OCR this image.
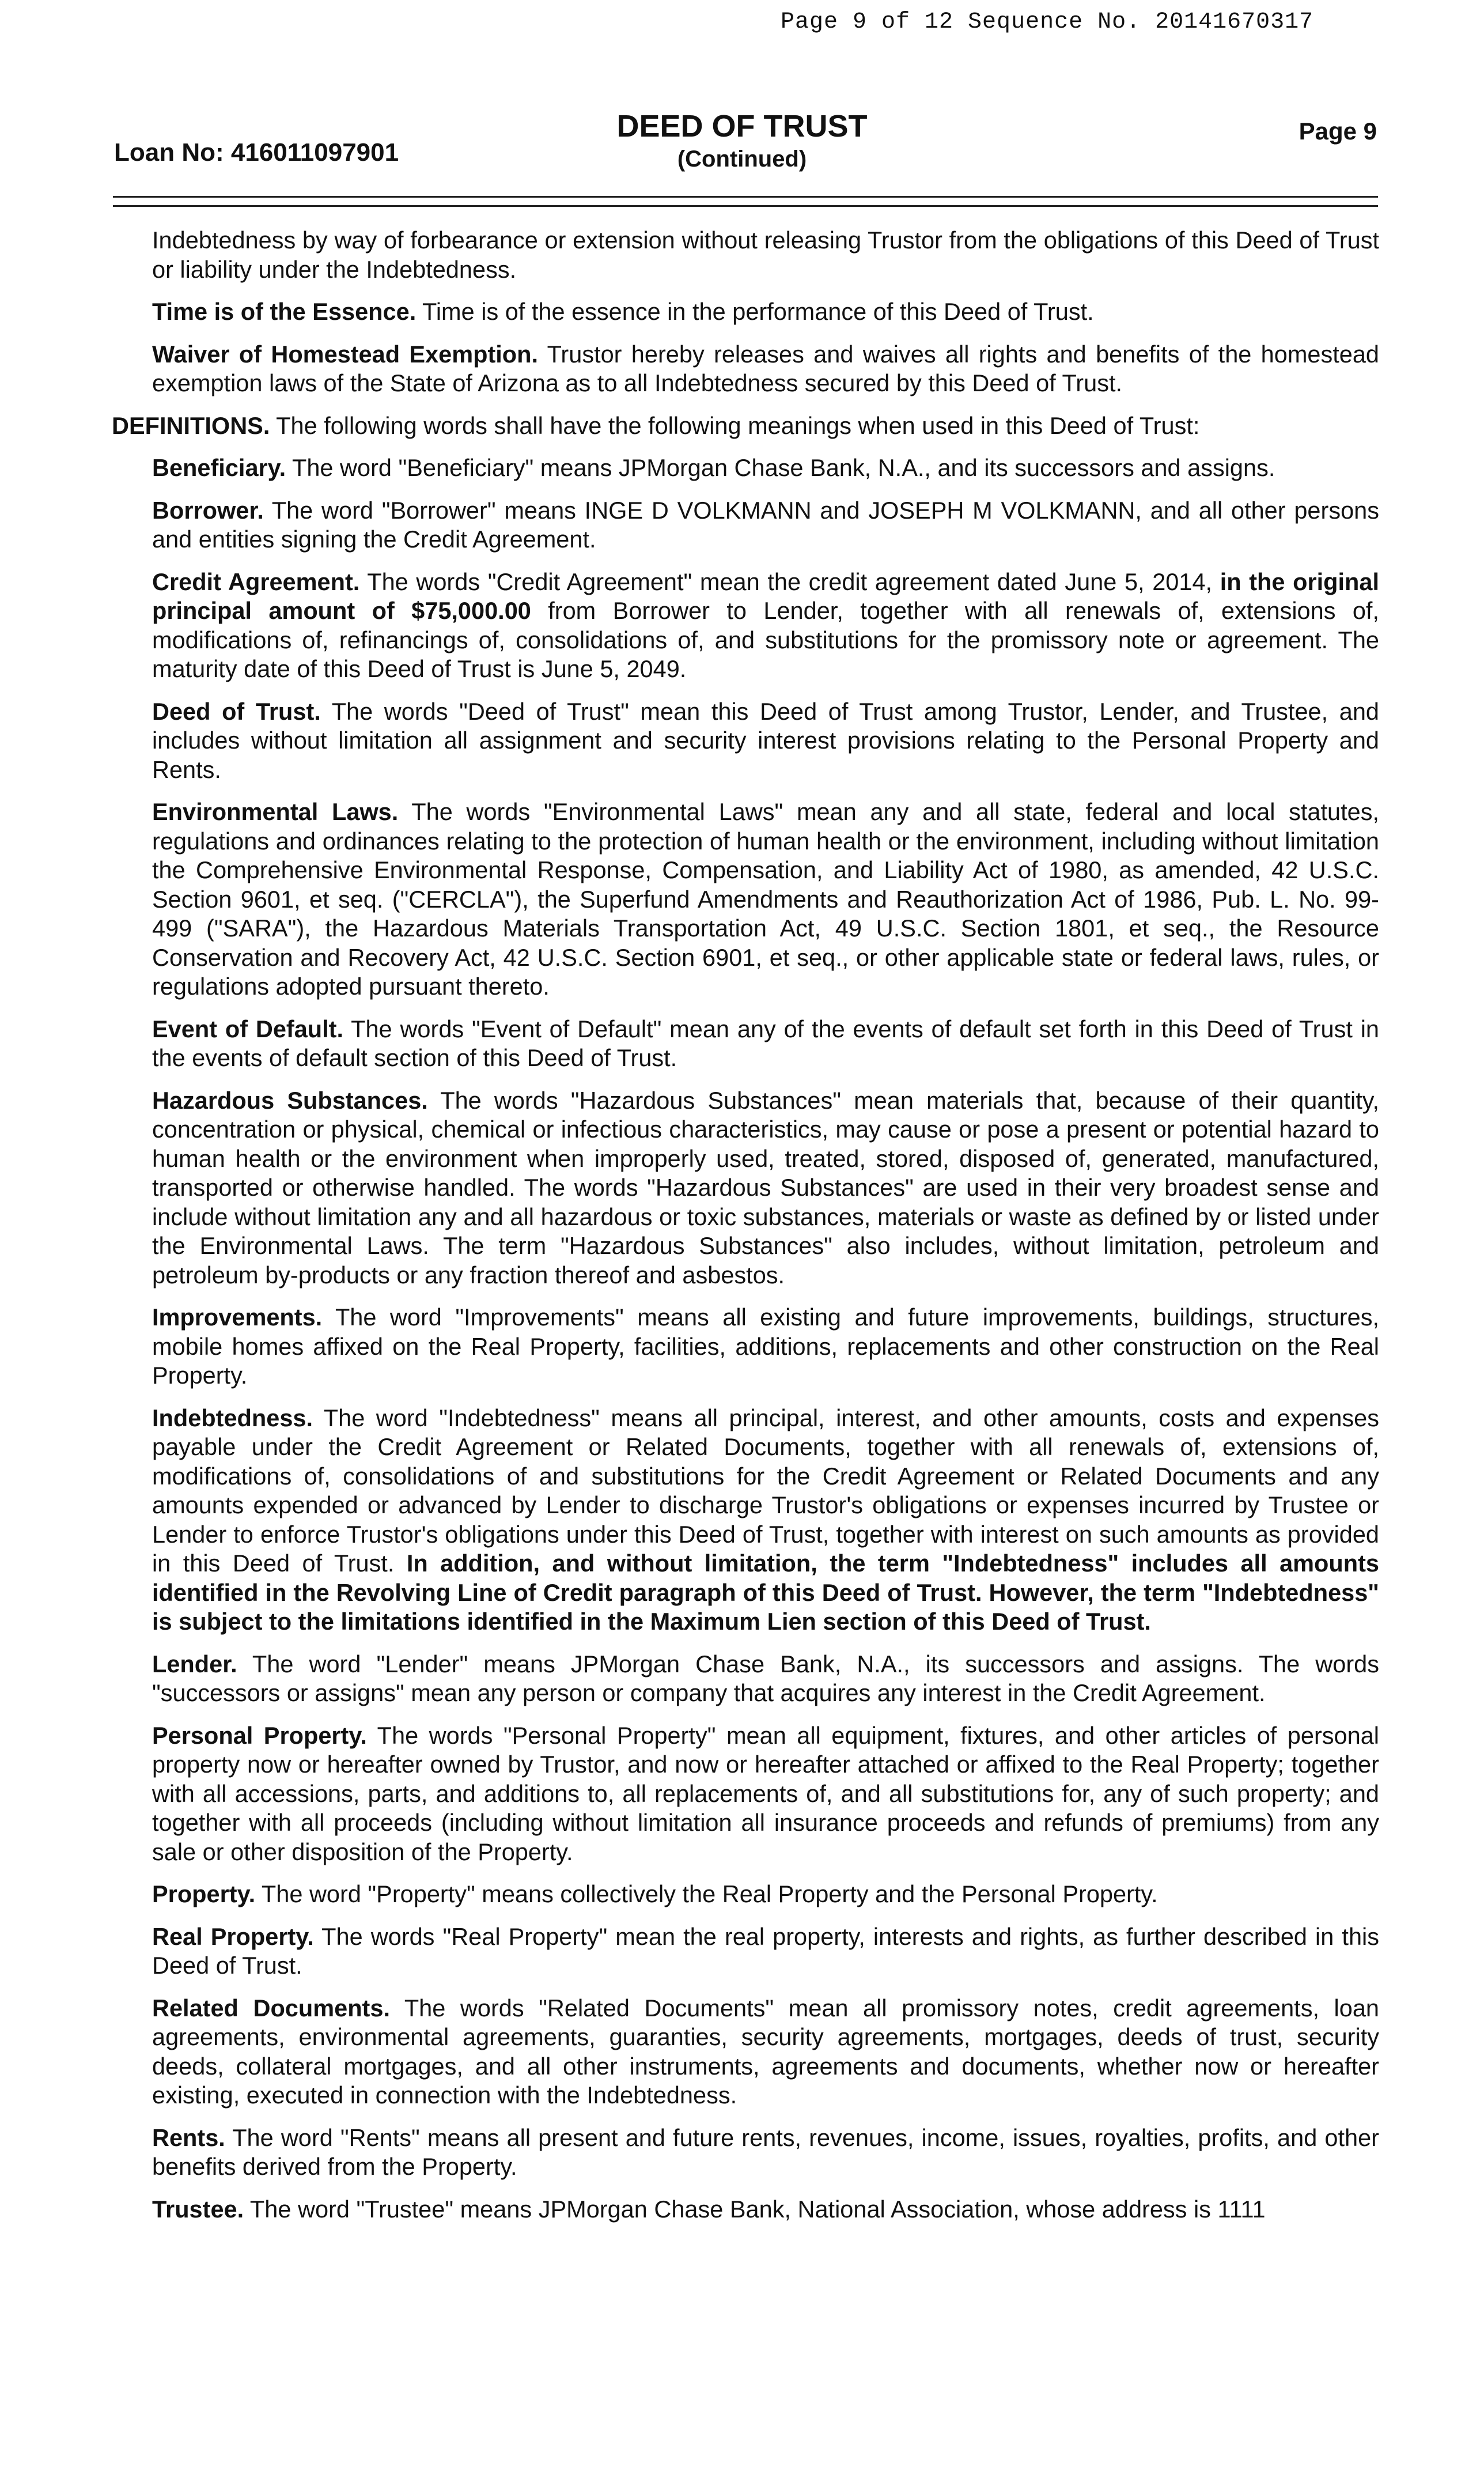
Page 9 of 12 Sequence No. 20141670317
Loan No: 416011097901
DEED OF TRUST
(Continued)
Page 9

Indebtedness by way of forbearance or extension without releasing Trustor from the obligations of this Deed of Trust or liability under the Indebtedness.

Time is of the Essence. Time is of the essence in the performance of this Deed of Trust.

Waiver of Homestead Exemption. Trustor hereby releases and waives all rights and benefits of the homestead exemption laws of the State of Arizona as to all Indebtedness secured by this Deed of Trust.

DEFINITIONS. The following words shall have the following meanings when used in this Deed of Trust:

Beneficiary. The word "Beneficiary" means JPMorgan Chase Bank, N.A., and its successors and assigns.

Borrower. The word "Borrower" means INGE D VOLKMANN and JOSEPH M VOLKMANN, and all other persons and entities signing the Credit Agreement.

Credit Agreement. The words "Credit Agreement" mean the credit agreement dated June 5, 2014, in the original principal amount of $75,000.00 from Borrower to Lender, together with all renewals of, extensions of, modifications of, refinancings of, consolidations of, and substitutions for the promissory note or agreement. The maturity date of this Deed of Trust is June 5, 2049.

Deed of Trust. The words "Deed of Trust" mean this Deed of Trust among Trustor, Lender, and Trustee, and includes without limitation all assignment and security interest provisions relating to the Personal Property and Rents.

Environmental Laws. The words "Environmental Laws" mean any and all state, federal and local statutes, regulations and ordinances relating to the protection of human health or the environment, including without limitation the Comprehensive Environmental Response, Compensation, and Liability Act of 1980, as amended, 42 U.S.C. Section 9601, et seq. ("CERCLA"), the Superfund Amendments and Reauthorization Act of 1986, Pub. L. No. 99-499 ("SARA"), the Hazardous Materials Transportation Act, 49 U.S.C. Section 1801, et seq., the Resource Conservation and Recovery Act, 42 U.S.C. Section 6901, et seq., or other applicable state or federal laws, rules, or regulations adopted pursuant thereto.

Event of Default. The words "Event of Default" mean any of the events of default set forth in this Deed of Trust in the events of default section of this Deed of Trust.

Hazardous Substances. The words "Hazardous Substances" mean materials that, because of their quantity, concentration or physical, chemical or infectious characteristics, may cause or pose a present or potential hazard to human health or the environment when improperly used, treated, stored, disposed of, generated, manufactured, transported or otherwise handled. The words "Hazardous Substances" are used in their very broadest sense and include without limitation any and all hazardous or toxic substances, materials or waste as defined by or listed under the Environmental Laws. The term "Hazardous Substances" also includes, without limitation, petroleum and petroleum by-products or any fraction thereof and asbestos.

Improvements. The word "Improvements" means all existing and future improvements, buildings, structures, mobile homes affixed on the Real Property, facilities, additions, replacements and other construction on the Real Property.

Indebtedness. The word "Indebtedness" means all principal, interest, and other amounts, costs and expenses payable under the Credit Agreement or Related Documents, together with all renewals of, extensions of, modifications of, consolidations of and substitutions for the Credit Agreement or Related Documents and any amounts expended or advanced by Lender to discharge Trustor's obligations or expenses incurred by Trustee or Lender to enforce Trustor's obligations under this Deed of Trust, together with interest on such amounts as provided in this Deed of Trust. In addition, and without limitation, the term "Indebtedness" includes all amounts identified in the Revolving Line of Credit paragraph of this Deed of Trust. However, the term "Indebtedness" is subject to the limitations identified in the Maximum Lien section of this Deed of Trust.

Lender. The word "Lender" means JPMorgan Chase Bank, N.A., its successors and assigns. The words "successors or assigns" mean any person or company that acquires any interest in the Credit Agreement.

Personal Property. The words "Personal Property" mean all equipment, fixtures, and other articles of personal property now or hereafter owned by Trustor, and now or hereafter attached or affixed to the Real Property; together with all accessions, parts, and additions to, all replacements of, and all substitutions for, any of such property; and together with all proceeds (including without limitation all insurance proceeds and refunds of premiums) from any sale or other disposition of the Property.

Property. The word "Property" means collectively the Real Property and the Personal Property.

Real Property. The words "Real Property" mean the real property, interests and rights, as further described in this Deed of Trust.

Related Documents. The words "Related Documents" mean all promissory notes, credit agreements, loan agreements, environmental agreements, guaranties, security agreements, mortgages, deeds of trust, security deeds, collateral mortgages, and all other instruments, agreements and documents, whether now or hereafter existing, executed in connection with the Indebtedness.

Rents. The word "Rents" means all present and future rents, revenues, income, issues, royalties, profits, and other benefits derived from the Property.

Trustee. The word "Trustee" means JPMorgan Chase Bank, National Association, whose address is 1111
